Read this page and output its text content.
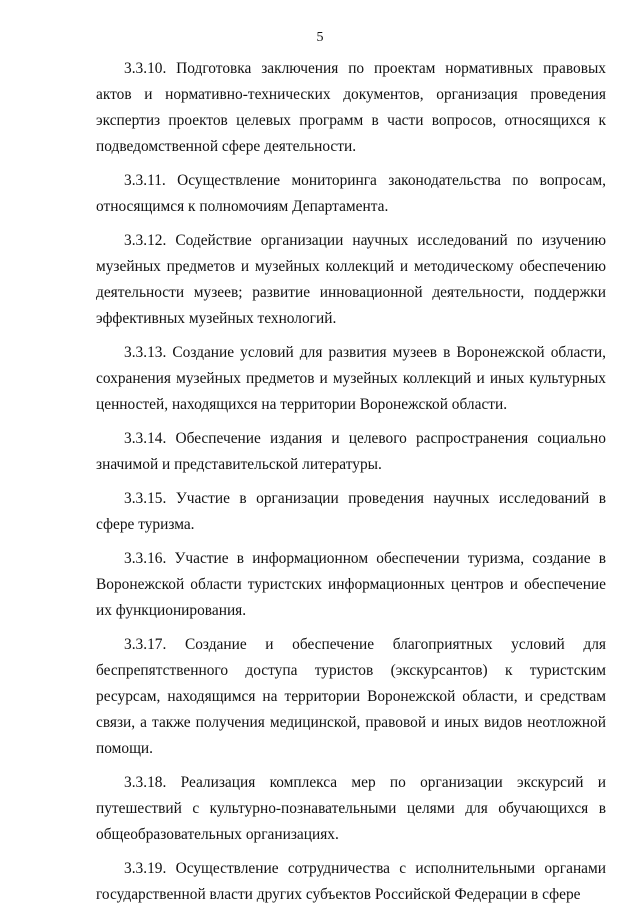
5

3.3.10. Подготовка заключения по проектам нормативных правовых актов и нормативно-технических документов, организация проведения экспертиз проектов целевых программ в части вопросов, относящихся к подведомственной сфере деятельности.

3.3.11. Осуществление мониторинга законодательства по вопросам, относящимся к полномочиям Департамента.

3.3.12. Содействие организации научных исследований по изучению музейных предметов и музейных коллекций и методическому обеспечению деятельности музеев; развитие инновационной деятельности, поддержки эффективных музейных технологий.

3.3.13. Создание условий для развития музеев в Воронежской области, сохранения музейных предметов и музейных коллекций и иных культурных ценностей, находящихся на территории Воронежской области.

3.3.14. Обеспечение издания и целевого распространения социально значимой и представительской литературы.

3.3.15. Участие в организации проведения научных исследований в сфере туризма.

3.3.16. Участие в информационном обеспечении туризма, создание в Воронежской области туристских информационных центров и обеспечение их функционирования.

3.3.17. Создание и обеспечение благоприятных условий для беспрепятственного доступа туристов (экскурсантов) к туристским ресурсам, находящимся на территории Воронежской области, и средствам связи, а также получения медицинской, правовой и иных видов неотложной помощи.

3.3.18. Реализация комплекса мер по организации экскурсий и путешествий с культурно-познавательными целями для обучающихся в общеобразовательных организациях.

3.3.19. Осуществление сотрудничества с исполнительными органами государственной власти других субъектов Российской Федерации в сфере
